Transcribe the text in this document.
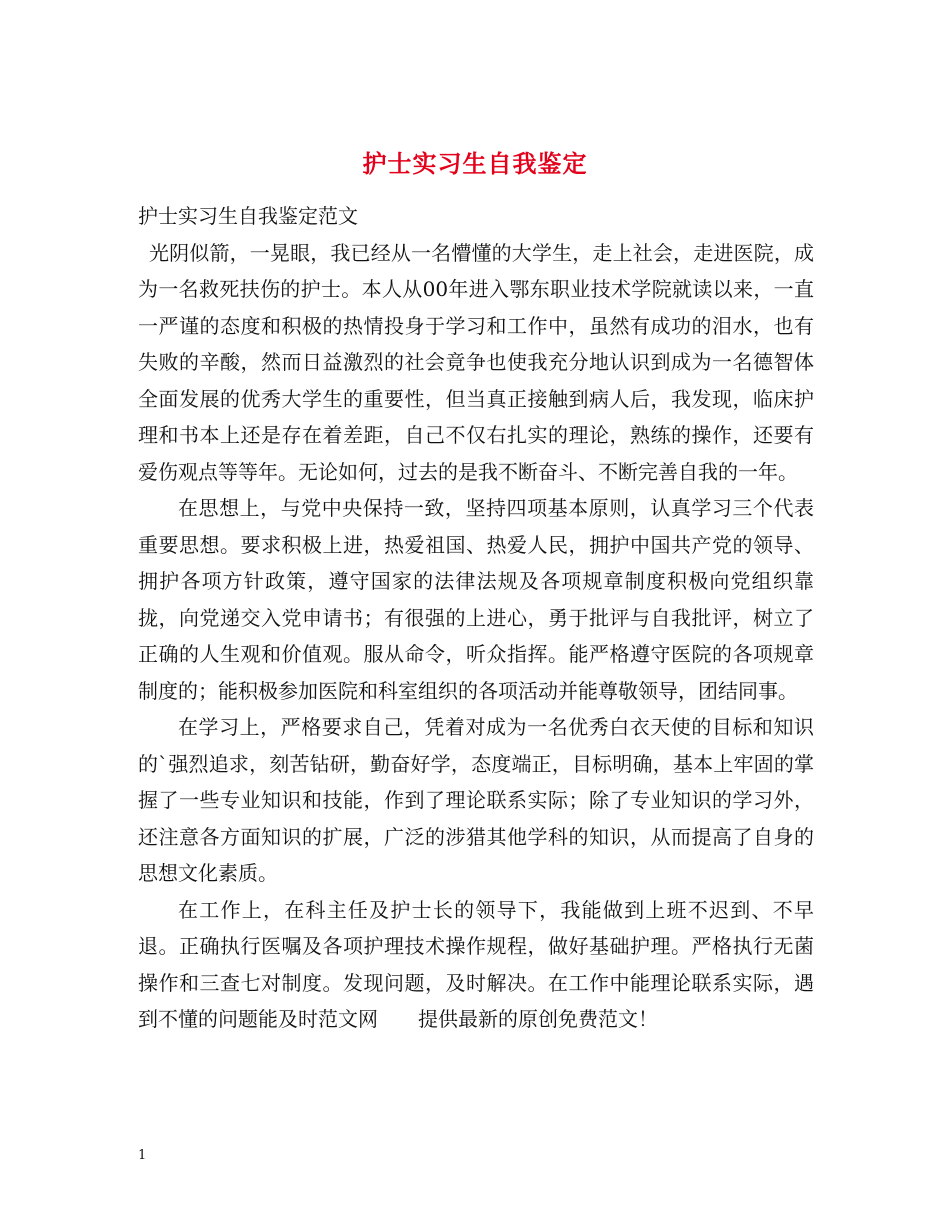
护士实习生自我鉴定

护士实习生自我鉴定范文

光阴似箭，一晃眼，我已经从一名懵懂的大学生，走上社会，走进医院，成为一名救死扶伤的护士。本人从00年进入鄂东职业技术学院就读以来，一直一严谨的态度和积极的热情投身于学习和工作中，虽然有成功的泪水，也有失败的辛酸，然而日益激烈的社会竟争也使我充分地认识到成为一名德智体全面发展的优秀大学生的重要性，但当真正接触到病人后，我发现，临床护理和书本上还是存在着差距，自己不仅右扎实的理论，熟练的操作，还要有爱伤观点等等年。无论如何，过去的是我不断奋斗、不断完善自我的一年。

在思想上，与党中央保持一致，坚持四项基本原则，认真学习三个代表重要思想。要求积极上进，热爱祖国、热爱人民，拥护中国共产党的领导、拥护各项方针政策，遵守国家的法律法规及各项规章制度积极向党组织靠拢，向党递交入党申请书；有很强的上进心，勇于批评与自我批评，树立了正确的人生观和价值观。服从命令，听众指挥。能严格遵守医院的各项规章制度的；能积极参加医院和科室组织的各项活动并能尊敬领导，团结同事。

在学习上，严格要求自己，凭着对成为一名优秀白衣天使的目标和知识的`强烈追求，刻苦钻研，勤奋好学，态度端正，目标明确，基本上牢固的掌握了一些专业知识和技能，作到了理论联系实际；除了专业知识的学习外，还注意各方面知识的扩展，广泛的涉猎其他学科的知识，从而提高了自身的思想文化素质。

在工作上，在科主任及护士长的领导下，我能做到上班不迟到、不早退。正确执行医嘱及各项护理技术操作规程，做好基础护理。严格执行无菌操作和三查七对制度。发现问题，及时解决。在工作中能理论联系实际，遇到不懂的问题能及时范文网　　提供最新的原创免费范文！

1
